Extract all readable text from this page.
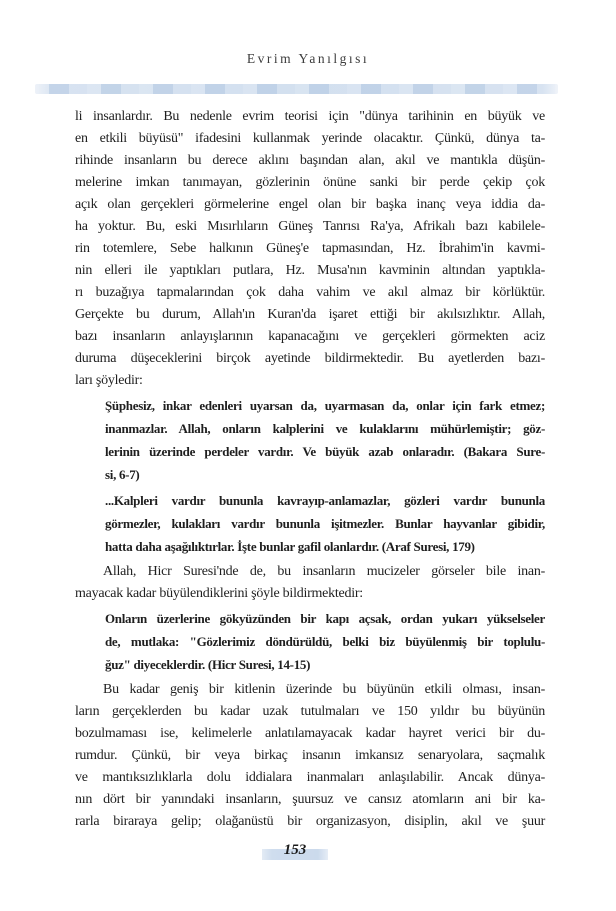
Evrim Yanılgısı
li insanlardır. Bu nedenle evrim teorisi için "dünya tarihinin en büyük ve
en etkili büyüsü" ifadesini kullanmak yerinde olacaktır. Çünkü, dünya ta-
rihinde insanların bu derece aklını başından alan, akıl ve mantıkla düşün-
melerine imkan tanımayan, gözlerinin önüne sanki bir perde çekip çok
açık olan gerçekleri görmelerine engel olan bir başka inanç veya iddia da-
ha yoktur. Bu, eski Mısırlıların Güneş Tanrısı Ra'ya, Afrikalı bazı kabilele-
rin totemlere, Sebe halkının Güneş'e tapmasından, Hz. İbrahim'in kavmi-
nin elleri ile yaptıkları putlara, Hz. Musa'nın kavminin altından yaptıkla-
rı buzağıya tapmalarından çok daha vahim ve akıl almaz bir körlüktür.
Gerçekte bu durum, Allah'ın Kuran'da işaret ettiği bir akılsızlıktır. Allah,
bazı insanların anlayışlarının kapanacağını ve gerçekleri görmekten aciz
duruma düşeceklerini birçok ayetinde bildirmektedir. Bu ayetlerden bazı-
ları şöyledir:
Şüphesiz, inkar edenleri uyarsan da, uyarmasan da, onlar için fark etmez;
inanmazlar. Allah, onların kalplerini ve kulaklarını mühürlemiştir; göz-
lerinin üzerinde perdeler vardır. Ve büyük azab onlaradır. (Bakara Sure-
si, 6-7)
...Kalpleri vardır bununla kavrayıp-anlamazlar, gözleri vardır bununla
görmezler, kulakları vardır bununla işitmezler. Bunlar hayvanlar gibidir,
hatta daha aşağılıktırlar. İşte bunlar gafil olanlardır. (Araf Suresi, 179)
Allah, Hicr Suresi'nde de, bu insanların mucizeler görseler bile inan-
mayacak kadar büyülendiklerini şöyle bildirmektedir:
Onların üzerlerine gökyüzünden bir kapı açsak, ordan yukarı yükselseler
de, mutlaka: "Gözlerimiz döndürüldü, belki biz büyülenmiş bir toplulu-
ğuz" diyeceklerdir. (Hicr Suresi, 14-15)
Bu kadar geniş bir kitlenin üzerinde bu büyünün etkili olması, insan-
ların gerçeklerden bu kadar uzak tutulmaları ve 150 yıldır bu büyünün
bozulmaması ise, kelimelerle anlatılamayacak kadar hayret verici bir du-
rumdur. Çünkü, bir veya birkaç insanın imkansız senaryolara, saçmalık
ve mantıksızlıklarla dolu iddialara inanmaları anlaşılabilir. Ancak dünya-
nın dört bir yanındaki insanların, şuursuz ve cansız atomların ani bir ka-
rarla biraraya gelip; olağanüstü bir organizasyon, disiplin, akıl ve şuur
153
